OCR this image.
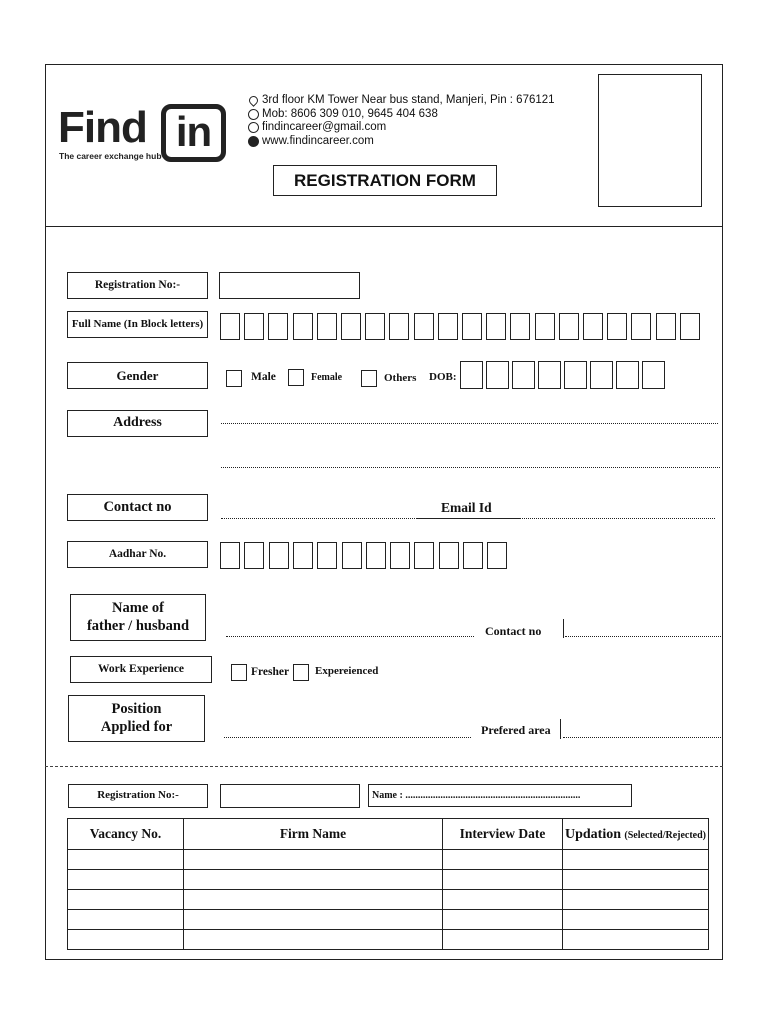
Find in
The career exchange hub
3rd floor KM Tower Near bus stand, Manjeri, Pin : 676121
Mob: 8606 309 010, 9645 404 638
findincareer@gmail.com
www.findincareer.com
REGISTRATION FORM
Registration No:-
Full Name (In Block letters)
Gender	Male	Female	Others DOB:
Address
Contact no	Email Id
Aadhar No.
Name of
father / husband	Contact no
Work Experience	Fresher Expereienced
Position
Applied for	Prefered area
Registration No:-	Name : ......................................................................
Vacancy No.	Firm Name	Interview Date	Updation (Selected/Rejected)
